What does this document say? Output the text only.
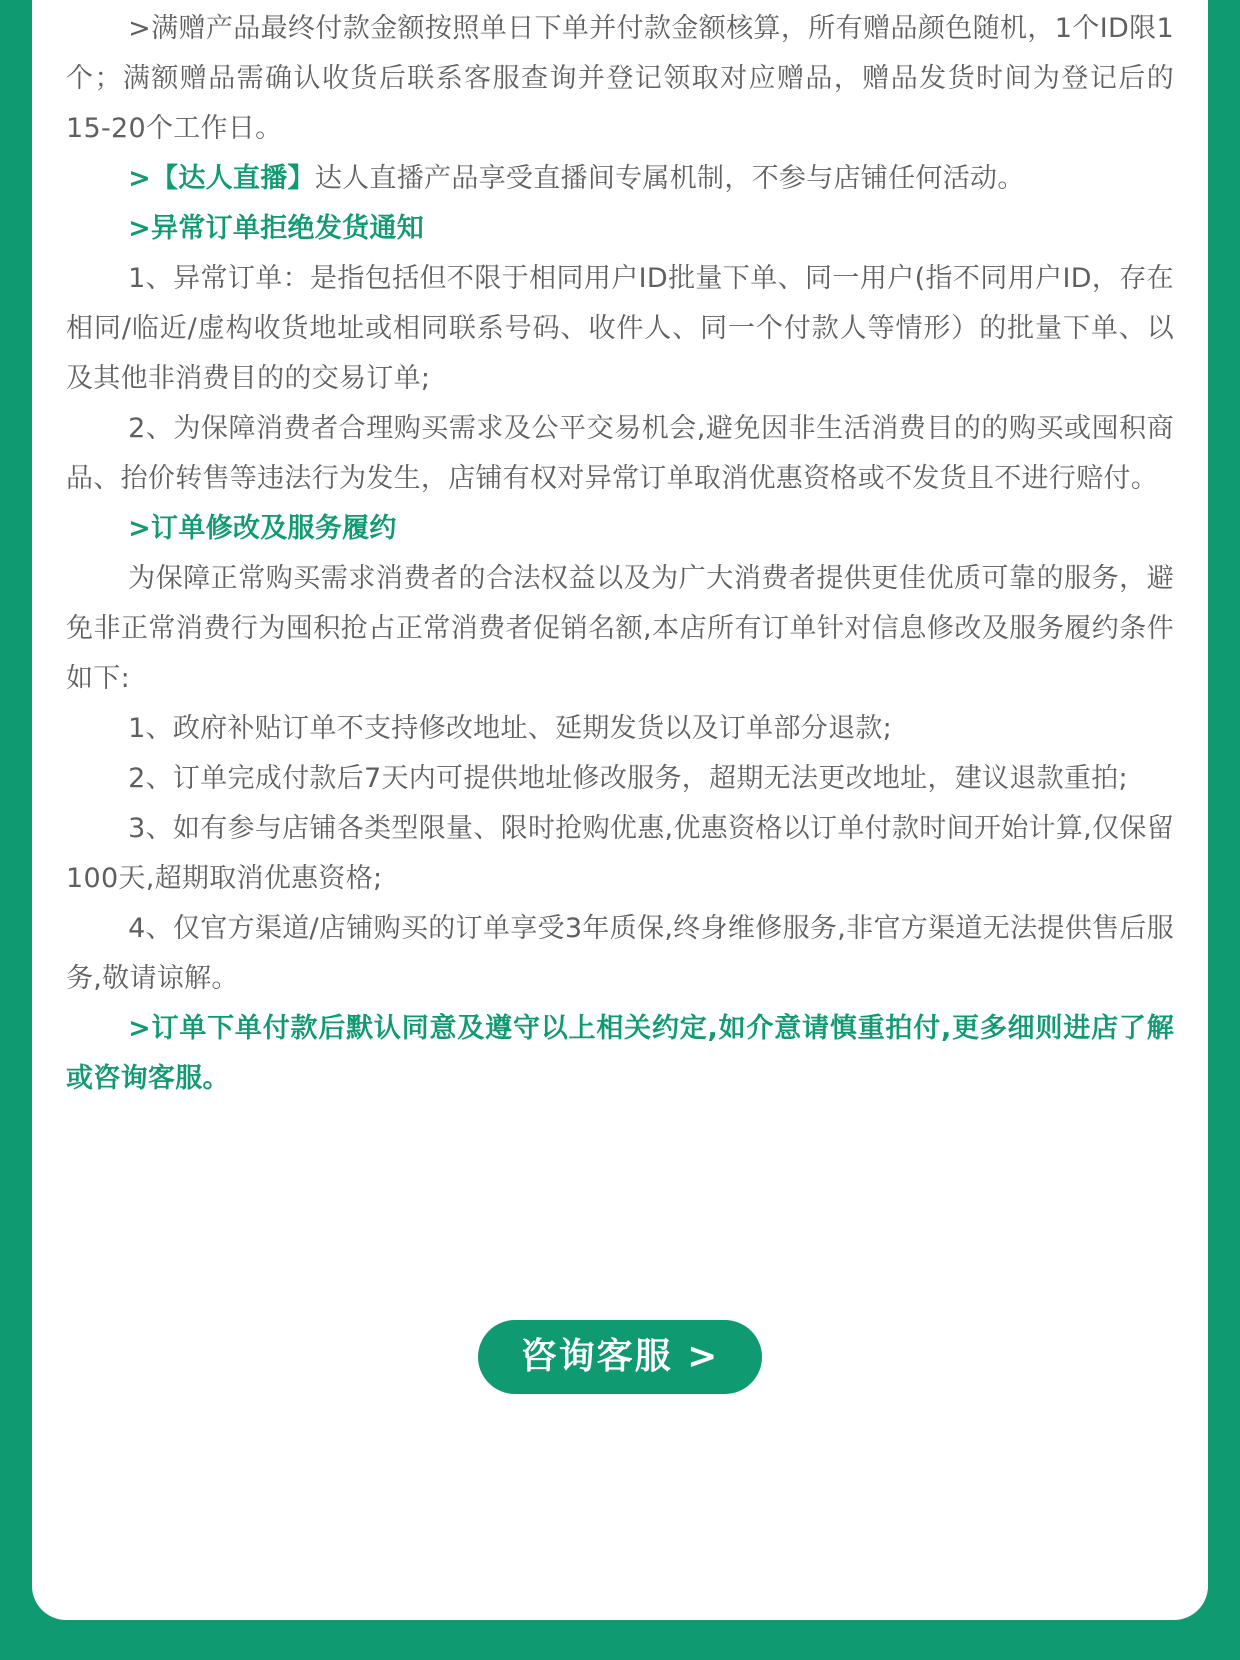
>满赠产品最终付款金额按照单日下单并付款金额核算，所有赠品颜色随机，1个ID限1个；满额赠品需确认收货后联系客服查询并登记领取对应赠品，赠品发货时间为登记后的15-20个工作日。

>【达人直播】达人直播产品享受直播间专属机制，不参与店铺任何活动。

>异常订单拒绝发货通知

1、异常订单：是指包括但不限于相同用户ID批量下单、同一用户(指不同用户ID，存在相同/临近/虚构收货地址或相同联系号码、收件人、同一个付款人等情形）的批量下单、以及其他非消费目的的交易订单;

2、为保障消费者合理购买需求及公平交易机会,避免因非生活消费目的的购买或囤积商品、抬价转售等违法行为发生，店铺有权对异常订单取消优惠资格或不发货且不进行赔付。

>订单修改及服务履约

为保障正常购买需求消费者的合法权益以及为广大消费者提供更佳优质可靠的服务，避免非正常消费行为囤积抢占正常消费者促销名额,本店所有订单针对信息修改及服务履约条件如下:

1、政府补贴订单不支持修改地址、延期发货以及订单部分退款;

2、订单完成付款后7天内可提供地址修改服务，超期无法更改地址，建议退款重拍;

3、如有参与店铺各类型限量、限时抢购优惠,优惠资格以订单付款时间开始计算,仅保留100天,超期取消优惠资格;

4、仅官方渠道/店铺购买的订单享受3年质保,终身维修服务,非官方渠道无法提供售后服务,敬请谅解。

>订单下单付款后默认同意及遵守以上相关约定,如介意请慎重拍付,更多细则进店了解或咨询客服。

咨询客服 >
